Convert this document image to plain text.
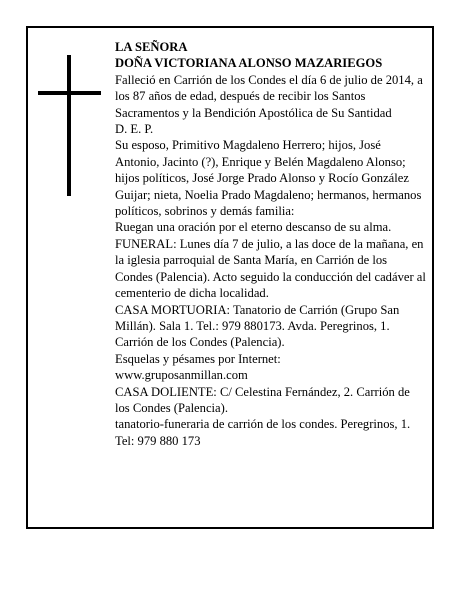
LA SEÑORA

DOÑA VICTORIANA ALONSO MAZARIEGOS

Falleció en Carrión de los Condes el día 6 de julio de 2014, a los 87 años de edad, después de recibir los Santos Sacramentos y la Bendición Apostólica de Su Santidad

D. E. P.

Su esposo, Primitivo Magdaleno Herrero; hijos, José Antonio, Jacinto (?), Enrique y Belén Magdaleno Alonso; hijos políticos, José Jorge Prado Alonso y Rocío González Guijar; nieta, Noelia Prado Magdaleno; hermanos, hermanos políticos, sobrinos y demás familia:

Ruegan una oración por el eterno descanso de su alma.

FUNERAL: Lunes día 7 de julio, a las doce de la mañana, en la iglesia parroquial de Santa María, en Carrión de los Condes (Palencia). Acto seguido la conducción del cadáver al cementerio de dicha localidad.

CASA MORTUORIA: Tanatorio de Carrión (Grupo San Millán). Sala 1. Tel.: 979 880173. Avda. Peregrinos, 1. Carrión de los Condes (Palencia).

Esquelas y pésames por Internet:

www.gruposanmillan.com

CASA DOLIENTE: C/ Celestina Fernández, 2. Carrión de los Condes (Palencia).

tanatorio-funeraria de carrión de los condes. Peregrinos, 1. Tel: 979 880 173
